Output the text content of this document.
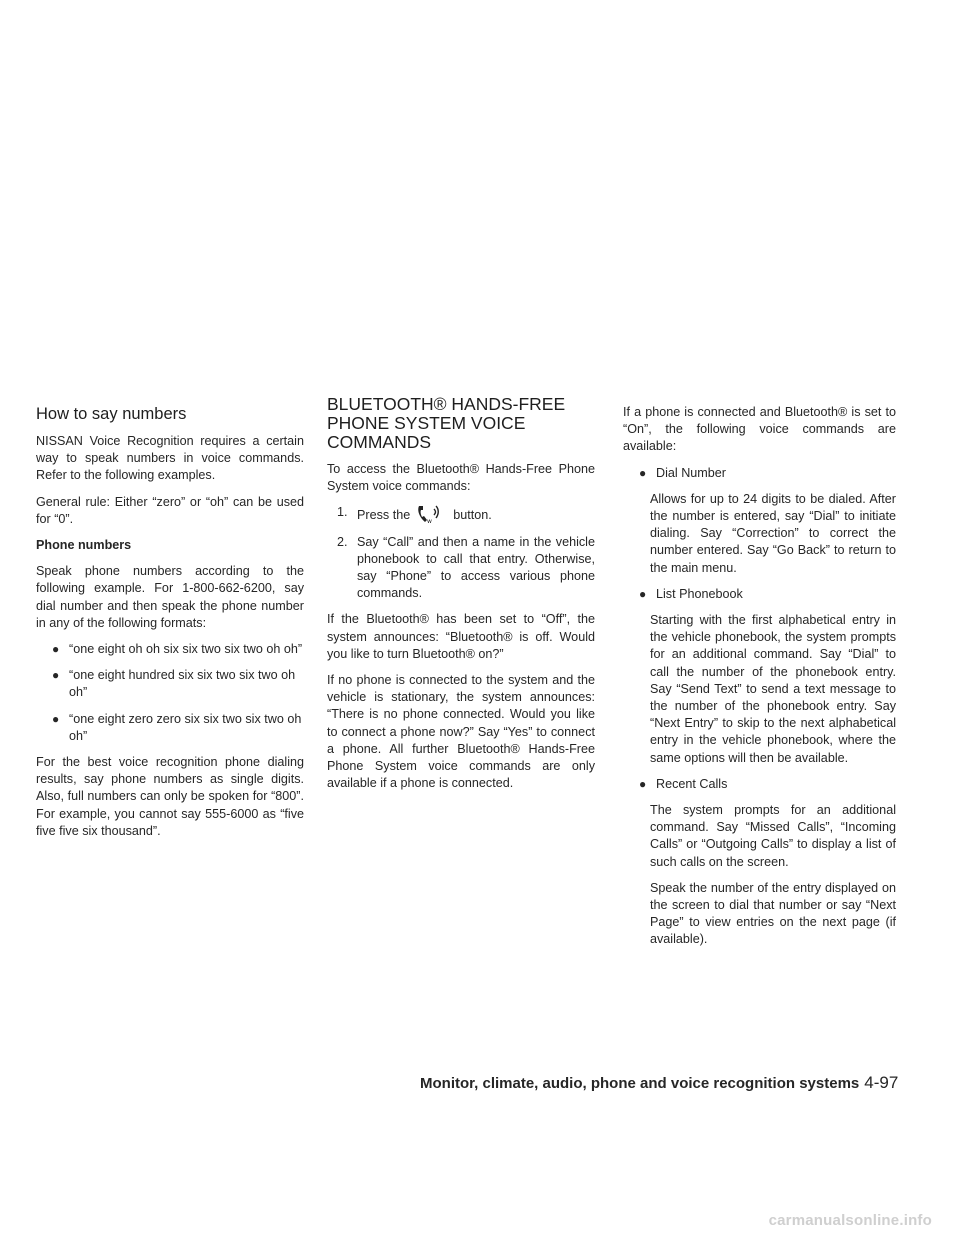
How to say numbers

NISSAN Voice Recognition requires a certain way to speak numbers in voice commands. Refer to the following examples.

General rule: Either “zero” or “oh” can be used for “0”.

Phone numbers

Speak phone numbers according to the following example. For 1-800-662-6200, say dial number and then speak the phone number in any of the following formats:

● “one eight oh oh six six two six two oh oh”
● “one eight hundred six six two six two oh oh”
● “one eight zero zero six six two six two oh oh”

For the best voice recognition phone dialing results, say phone numbers as single digits. Also, full numbers can only be spoken for “800”. For example, you cannot say 555-6000 as “five five five six thousand”.

BLUETOOTH® HANDS-FREE PHONE SYSTEM VOICE COMMANDS

To access the Bluetooth® Hands-Free Phone System voice commands:

1. Press the	w button.
2. Say “Call” and then a name in the vehicle phonebook to call that entry. Otherwise, say “Phone” to access various phone commands.

If the Bluetooth® has been set to “Off”, the system announces: “Bluetooth® is off. Would you like to turn Bluetooth® on?”

If no phone is connected to the system and the vehicle is stationary, the system announces: “There is no phone connected. Would you like to connect a phone now?” Say “Yes” to connect a phone. All further Bluetooth® Hands-Free Phone System voice commands are only available if a phone is connected.

If a phone is connected and Bluetooth® is set to “On”, the following voice commands are available:

● Dial Number

Allows for up to 24 digits to be dialed. After the number is entered, say “Dial” to initiate dialing. Say “Correction” to correct the number entered. Say “Go Back” to return to the main menu.

● List Phonebook

Starting with the first alphabetical entry in the vehicle phonebook, the system prompts for an additional command. Say “Dial” to call the number of the phonebook entry. Say “Send Text” to send a text message to the number of the phonebook entry. Say “Next Entry” to skip to the next alphabetical entry in the vehicle phonebook, where the same options will then be available.

● Recent Calls

The system prompts for an additional command. Say “Missed Calls”, “Incoming Calls” or “Outgoing Calls” to display a list of such calls on the screen.

Speak the number of the entry displayed on the screen to dial that number or say “Next Page” to view entries on the next page (if available).

Monitor, climate, audio, phone and voice recognition systems 4-97
carmanualsonline.info
